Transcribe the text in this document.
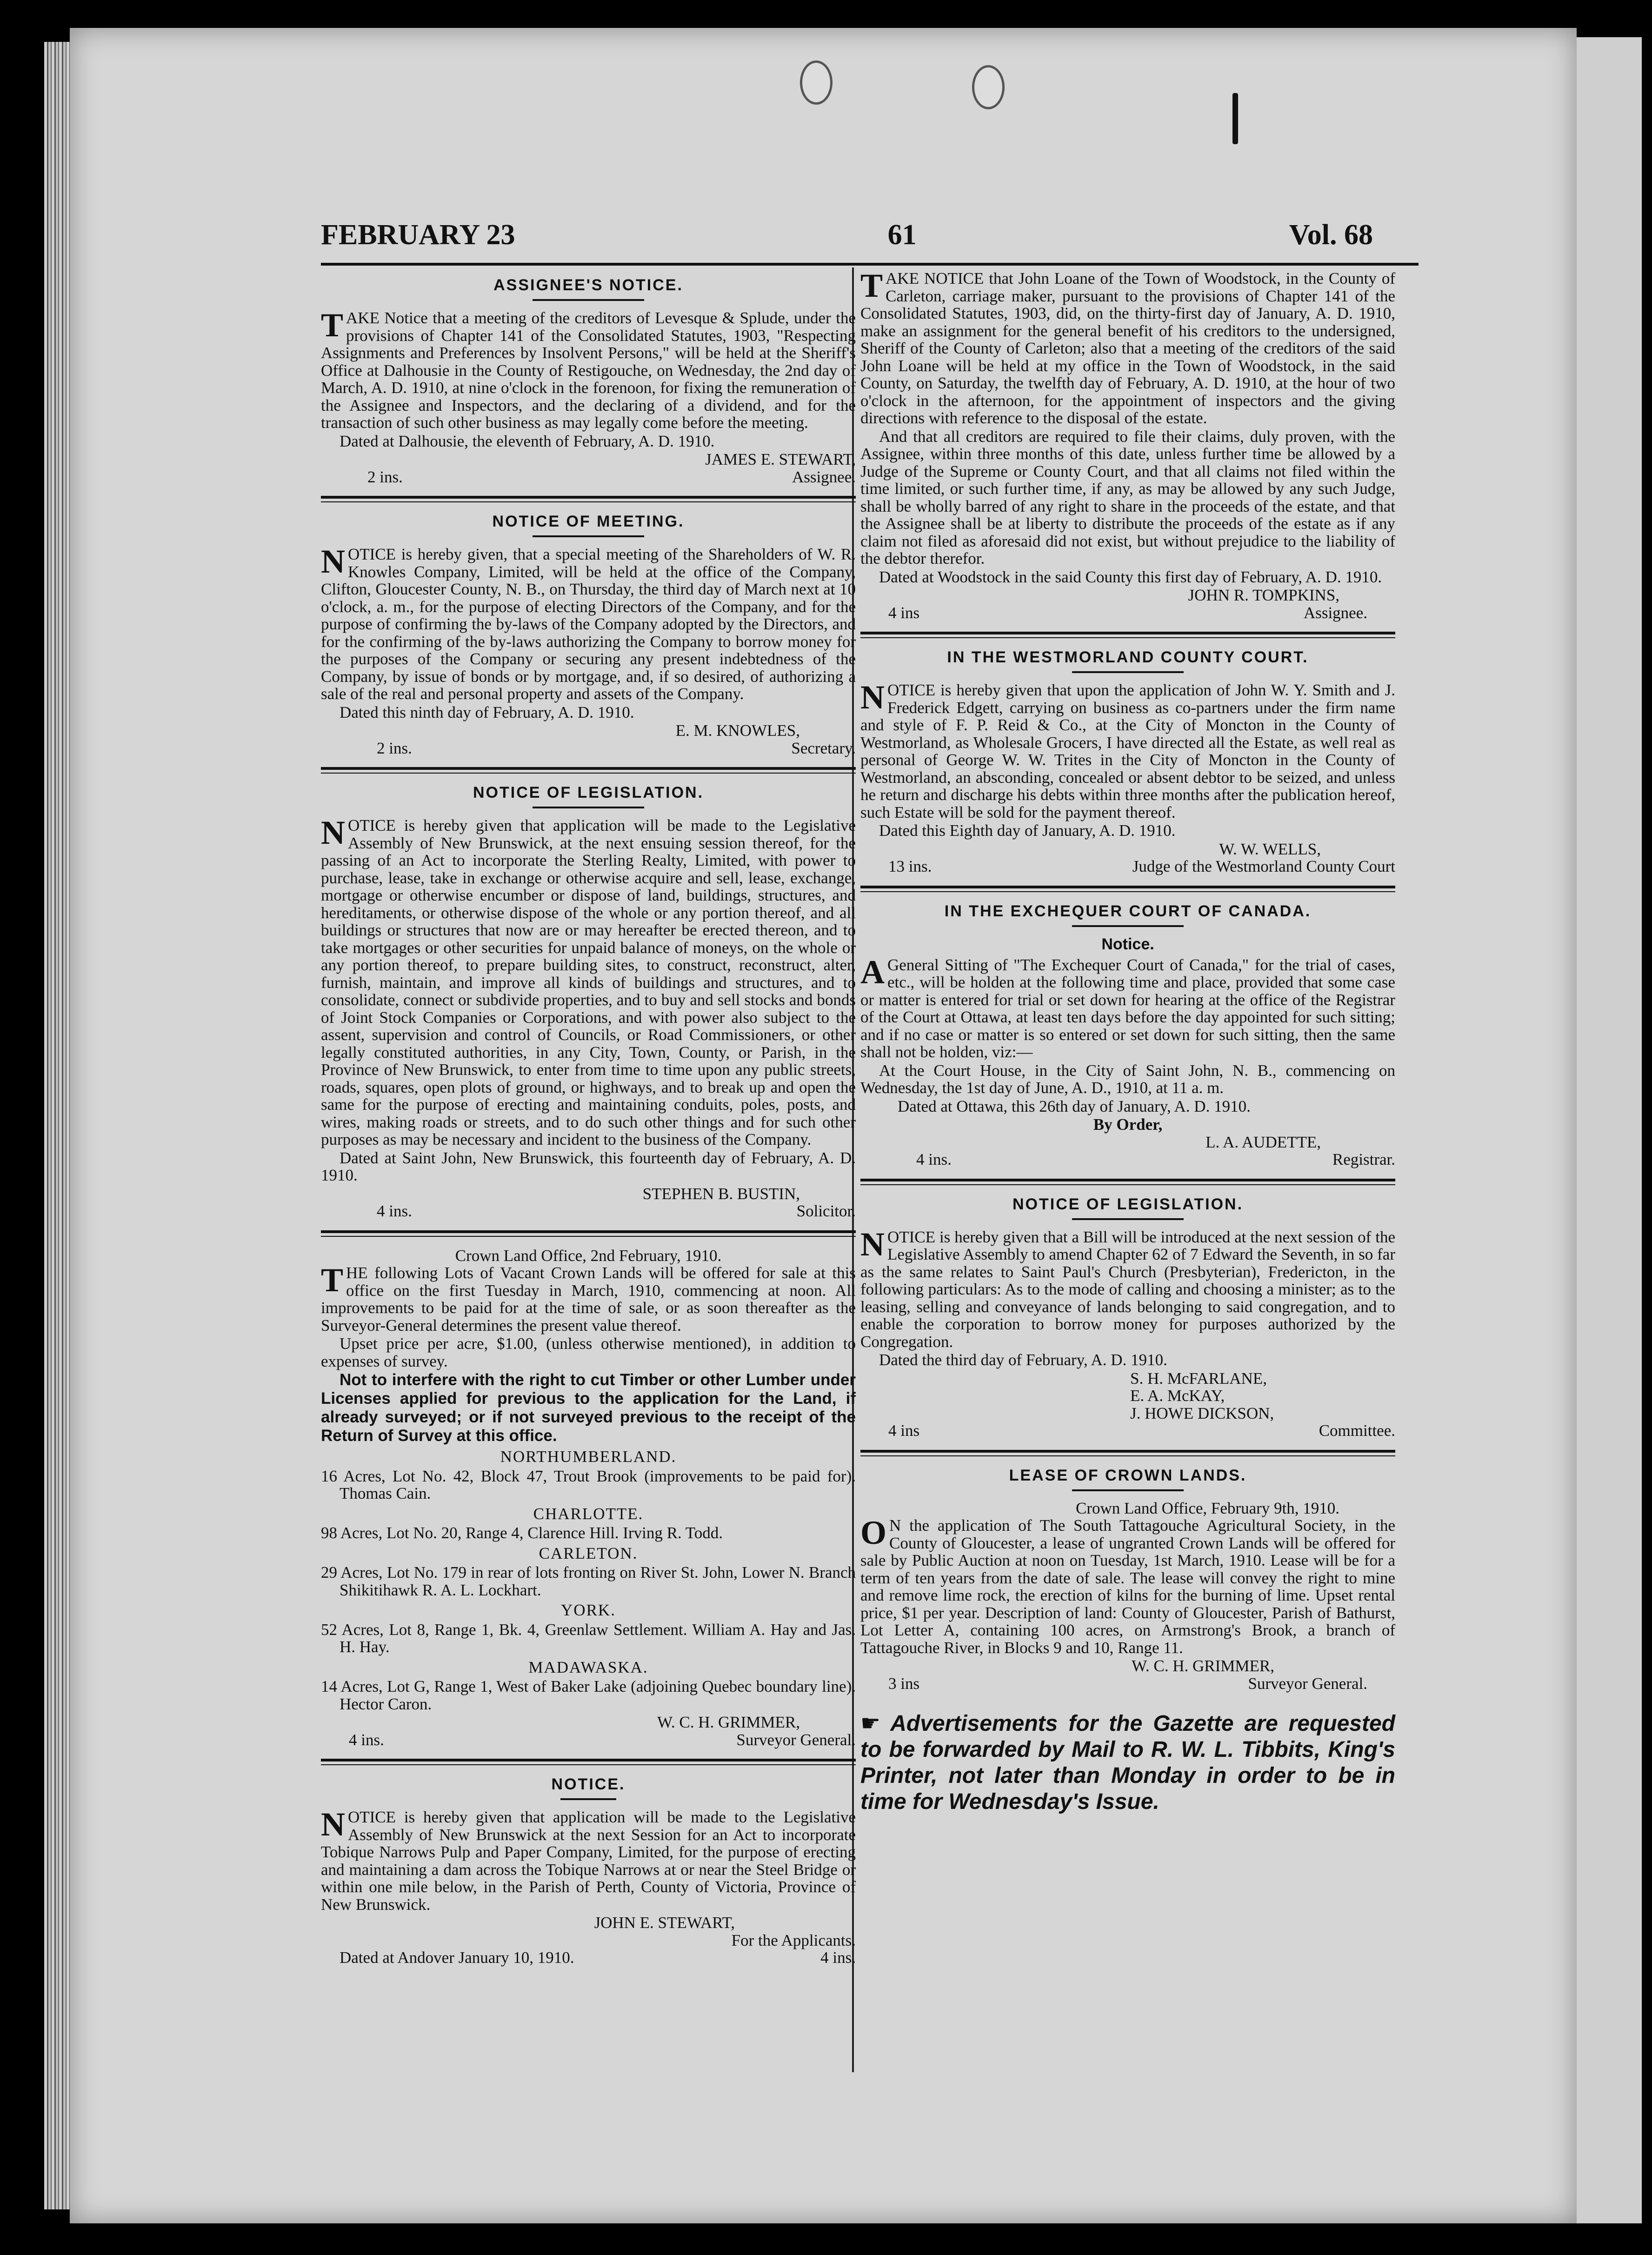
FEBRUARY 23	61	Vol. 68
ASSIGNEE'S NOTICE.

TAKE Notice that a meeting of the creditors of Levesque & Splude, under the provisions of Chapter 141 of the Consolidated Statutes, 1903, "Respecting Assignments and Preferences by Insolvent Persons," will be held at the Sheriff's Office at Dalhousie in the County of Restigouche, on Wednesday, the 2nd day of March, A. D. 1910, at nine o'clock in the forenoon, for fixing the remuneration of the Assignee and Inspectors, and the declaring of a dividend, and for the transaction of such other business as may legally come before the meeting.

Dated at Dalhousie, the eleventh of February, A. D. 1910.

JAMES E. STEWART,
2 ins.	Assignee.
NOTICE OF MEETING.

NOTICE is hereby given, that a special meeting of the Shareholders of W. R. Knowles Company, Limited, will be held at the office of the Company, Clifton, Gloucester County, N. B., on Thursday, the third day of March next at 10 o'clock, a. m., for the purpose of electing Directors of the Company, and for the purpose of confirming the by-laws of the Company adopted by the Directors, and for the confirming of the by-laws authorizing the Company to borrow money for the purposes of the Company or securing any present indebtedness of the Company, by issue of bonds or by mortgage, and, if so desired, of authorizing a sale of the real and personal property and assets of the Company.

Dated this ninth day of February, A. D. 1910.

E. M. KNOWLES,
2 ins.	Secretary.
NOTICE OF LEGISLATION.

NOTICE is hereby given that application will be made to the Legislative Assembly of New Brunswick, at the next ensuing session thereof, for the passing of an Act to incorporate the Sterling Realty, Limited, with power to purchase, lease, take in exchange or otherwise acquire and sell, lease, exchange, mortgage or otherwise encumber or dispose of land, buildings, structures, and hereditaments, or otherwise dispose of the whole or any portion thereof, and all buildings or structures that now are or may hereafter be erected thereon, and to take mortgages or other securities for unpaid balance of moneys, on the whole or any portion thereof, to prepare building sites, to construct, reconstruct, alter, furnish, maintain, and improve all kinds of buildings and structures, and to consolidate, connect or subdivide properties, and to buy and sell stocks and bonds of Joint Stock Companies or Corporations, and with power also subject to the assent, supervision and control of Councils, or Road Commissioners, or other legally constituted authorities, in any City, Town, County, or Parish, in the Province of New Brunswick, to enter from time to time upon any public streets, roads, squares, open plots of ground, or highways, and to break up and open the same for the purpose of erecting and maintaining conduits, poles, posts, and wires, making roads or streets, and to do such other things and for such other purposes as may be necessary and incident to the business of the Company.

Dated at Saint John, New Brunswick, this fourteenth day of February, A. D. 1910.

STEPHEN B. BUSTIN,
4 ins.	Solicitor.
Crown Land Office, 2nd February, 1910.

THE following Lots of Vacant Crown Lands will be offered for sale at this office on the first Tuesday in March, 1910, commencing at noon. All improvements to be paid for at the time of sale, or as soon thereafter as the Surveyor-General determines the present value thereof.

Upset price per acre, $1.00, (unless otherwise mentioned), in addition to expenses of survey.

Not to interfere with the right to cut Timber or other Lumber under Licenses applied for previous to the application for the Land, if already surveyed; or if not surveyed previous to the receipt of the Return of Survey at this office.

NORTHUMBERLAND.

16 Acres, Lot No. 42, Block 47, Trout Brook (improvements to be paid for). Thomas Cain.

CHARLOTTE.

98 Acres, Lot No. 20, Range 4, Clarence Hill. Irving R. Todd.

CARLETON.

29 Acres, Lot No. 179 in rear of lots fronting on River St. John, Lower N. Branch Shikitihawk R. A. L. Lockhart.

YORK.

52 Acres, Lot 8, Range 1, Bk. 4, Greenlaw Settlement. William A. Hay and Jas. H. Hay.

MADAWASKA.

14 Acres, Lot G, Range 1, West of Baker Lake (adjoining Quebec boundary line). Hector Caron.

W. C. H. GRIMMER,
4 ins.	Surveyor General.
NOTICE.

NOTICE is hereby given that application will be made to the Legislative Assembly of New Brunswick at the next Session for an Act to incorporate Tobique Narrows Pulp and Paper Company, Limited, for the purpose of erecting and maintaining a dam across the Tobique Narrows at or near the Steel Bridge or within one mile below, in the Parish of Perth, County of Victoria, Province of New Brunswick.

JOHN E. STEWART,
For the Applicants.
Dated at Andover January 10, 1910.	4 ins.

TAKE NOTICE that John Loane of the Town of Woodstock, in the County of Carleton, carriage maker, pursuant to the provisions of Chapter 141 of the Consolidated Statutes, 1903, did, on the thirty-first day of January, A. D. 1910, make an assignment for the general benefit of his creditors to the undersigned, Sheriff of the County of Carleton; also that a meeting of the creditors of the said John Loane will be held at my office in the Town of Woodstock, in the said County, on Saturday, the twelfth day of February, A. D. 1910, at the hour of two o'clock in the afternoon, for the appointment of inspectors and the giving directions with reference to the disposal of the estate.

And that all creditors are required to file their claims, duly proven, with the Assignee, within three months of this date, unless further time be allowed by a Judge of the Supreme or County Court, and that all claims not filed within the time limited, or such further time, if any, as may be allowed by any such Judge, shall be wholly barred of any right to share in the proceeds of the estate, and that the Assignee shall be at liberty to distribute the proceeds of the estate as if any claim not filed as aforesaid did not exist, but without prejudice to the liability of the debtor therefor.

Dated at Woodstock in the said County this first day of February, A. D. 1910.

JOHN R. TOMPKINS,
4 ins	Assignee.
IN THE WESTMORLAND COUNTY COURT.

NOTICE is hereby given that upon the application of John W. Y. Smith and J. Frederick Edgett, carrying on business as co-partners under the firm name and style of F. P. Reid & Co., at the City of Moncton in the County of Westmorland, as Wholesale Grocers, I have directed all the Estate, as well real as personal of George W. W. Trites in the City of Moncton in the County of Westmorland, an absconding, concealed or absent debtor to be seized, and unless he return and discharge his debts within three months after the publication hereof, such Estate will be sold for the payment thereof.

Dated this Eighth day of January, A. D. 1910.

W. W. WELLS,
13 ins.	Judge of the Westmorland County Court
IN THE EXCHEQUER COURT OF CANADA.
Notice.

AGeneral Sitting of "The Exchequer Court of Canada," for the trial of cases, etc., will be holden at the following time and place, provided that some case or matter is entered for trial or set down for hearing at the office of the Registrar of the Court at Ottawa, at least ten days before the day appointed for such sitting; and if no case or matter is so entered or set down for such sitting, then the same shall not be holden, viz:—

At the Court House, in the City of Saint John, N. B., commencing on Wednesday, the 1st day of June, A. D., 1910, at 11 a. m.

Dated at Ottawa, this 26th day of January, A. D. 1910.

By Order,
L. A. AUDETTE,
4 ins.	Registrar.
NOTICE OF LEGISLATION.

NOTICE is hereby given that a Bill will be introduced at the next session of the Legislative Assembly to amend Chapter 62 of 7 Edward the Seventh, in so far as the same relates to Saint Paul's Church (Presbyterian), Fredericton, in the following particulars: As to the mode of calling and choosing a minister; as to the leasing, selling and conveyance of lands belonging to said congregation, and to enable the corporation to borrow money for purposes authorized by the Congregation.

Dated the third day of February, A. D. 1910.

S. H. McFARLANE,
E. A. McKAY,
J. HOWE DICKSON,
4 ins	Committee.
LEASE OF CROWN LANDS.
Crown Land Office, February 9th, 1910.

ON the application of The South Tattagouche Agricultural Society, in the County of Gloucester, a lease of ungranted Crown Lands will be offered for sale by Public Auction at noon on Tuesday, 1st March, 1910. Lease will be for a term of ten years from the date of sale. The lease will convey the right to mine and remove lime rock, the erection of kilns for the burning of lime. Upset rental price, $1 per year. Description of land: County of Gloucester, Parish of Bathurst, Lot Letter A, containing 100 acres, on Armstrong's Brook, a branch of Tattagouche River, in Blocks 9 and 10, Range 11.

W. C. H. GRIMMER,
3 ins	Surveyor General.
☛ Advertisements for the Gazette are requested to be forwarded by Mail to R. W. L. Tibbits, King's Printer, not later than Monday in order to be in time for Wednesday's Issue.
